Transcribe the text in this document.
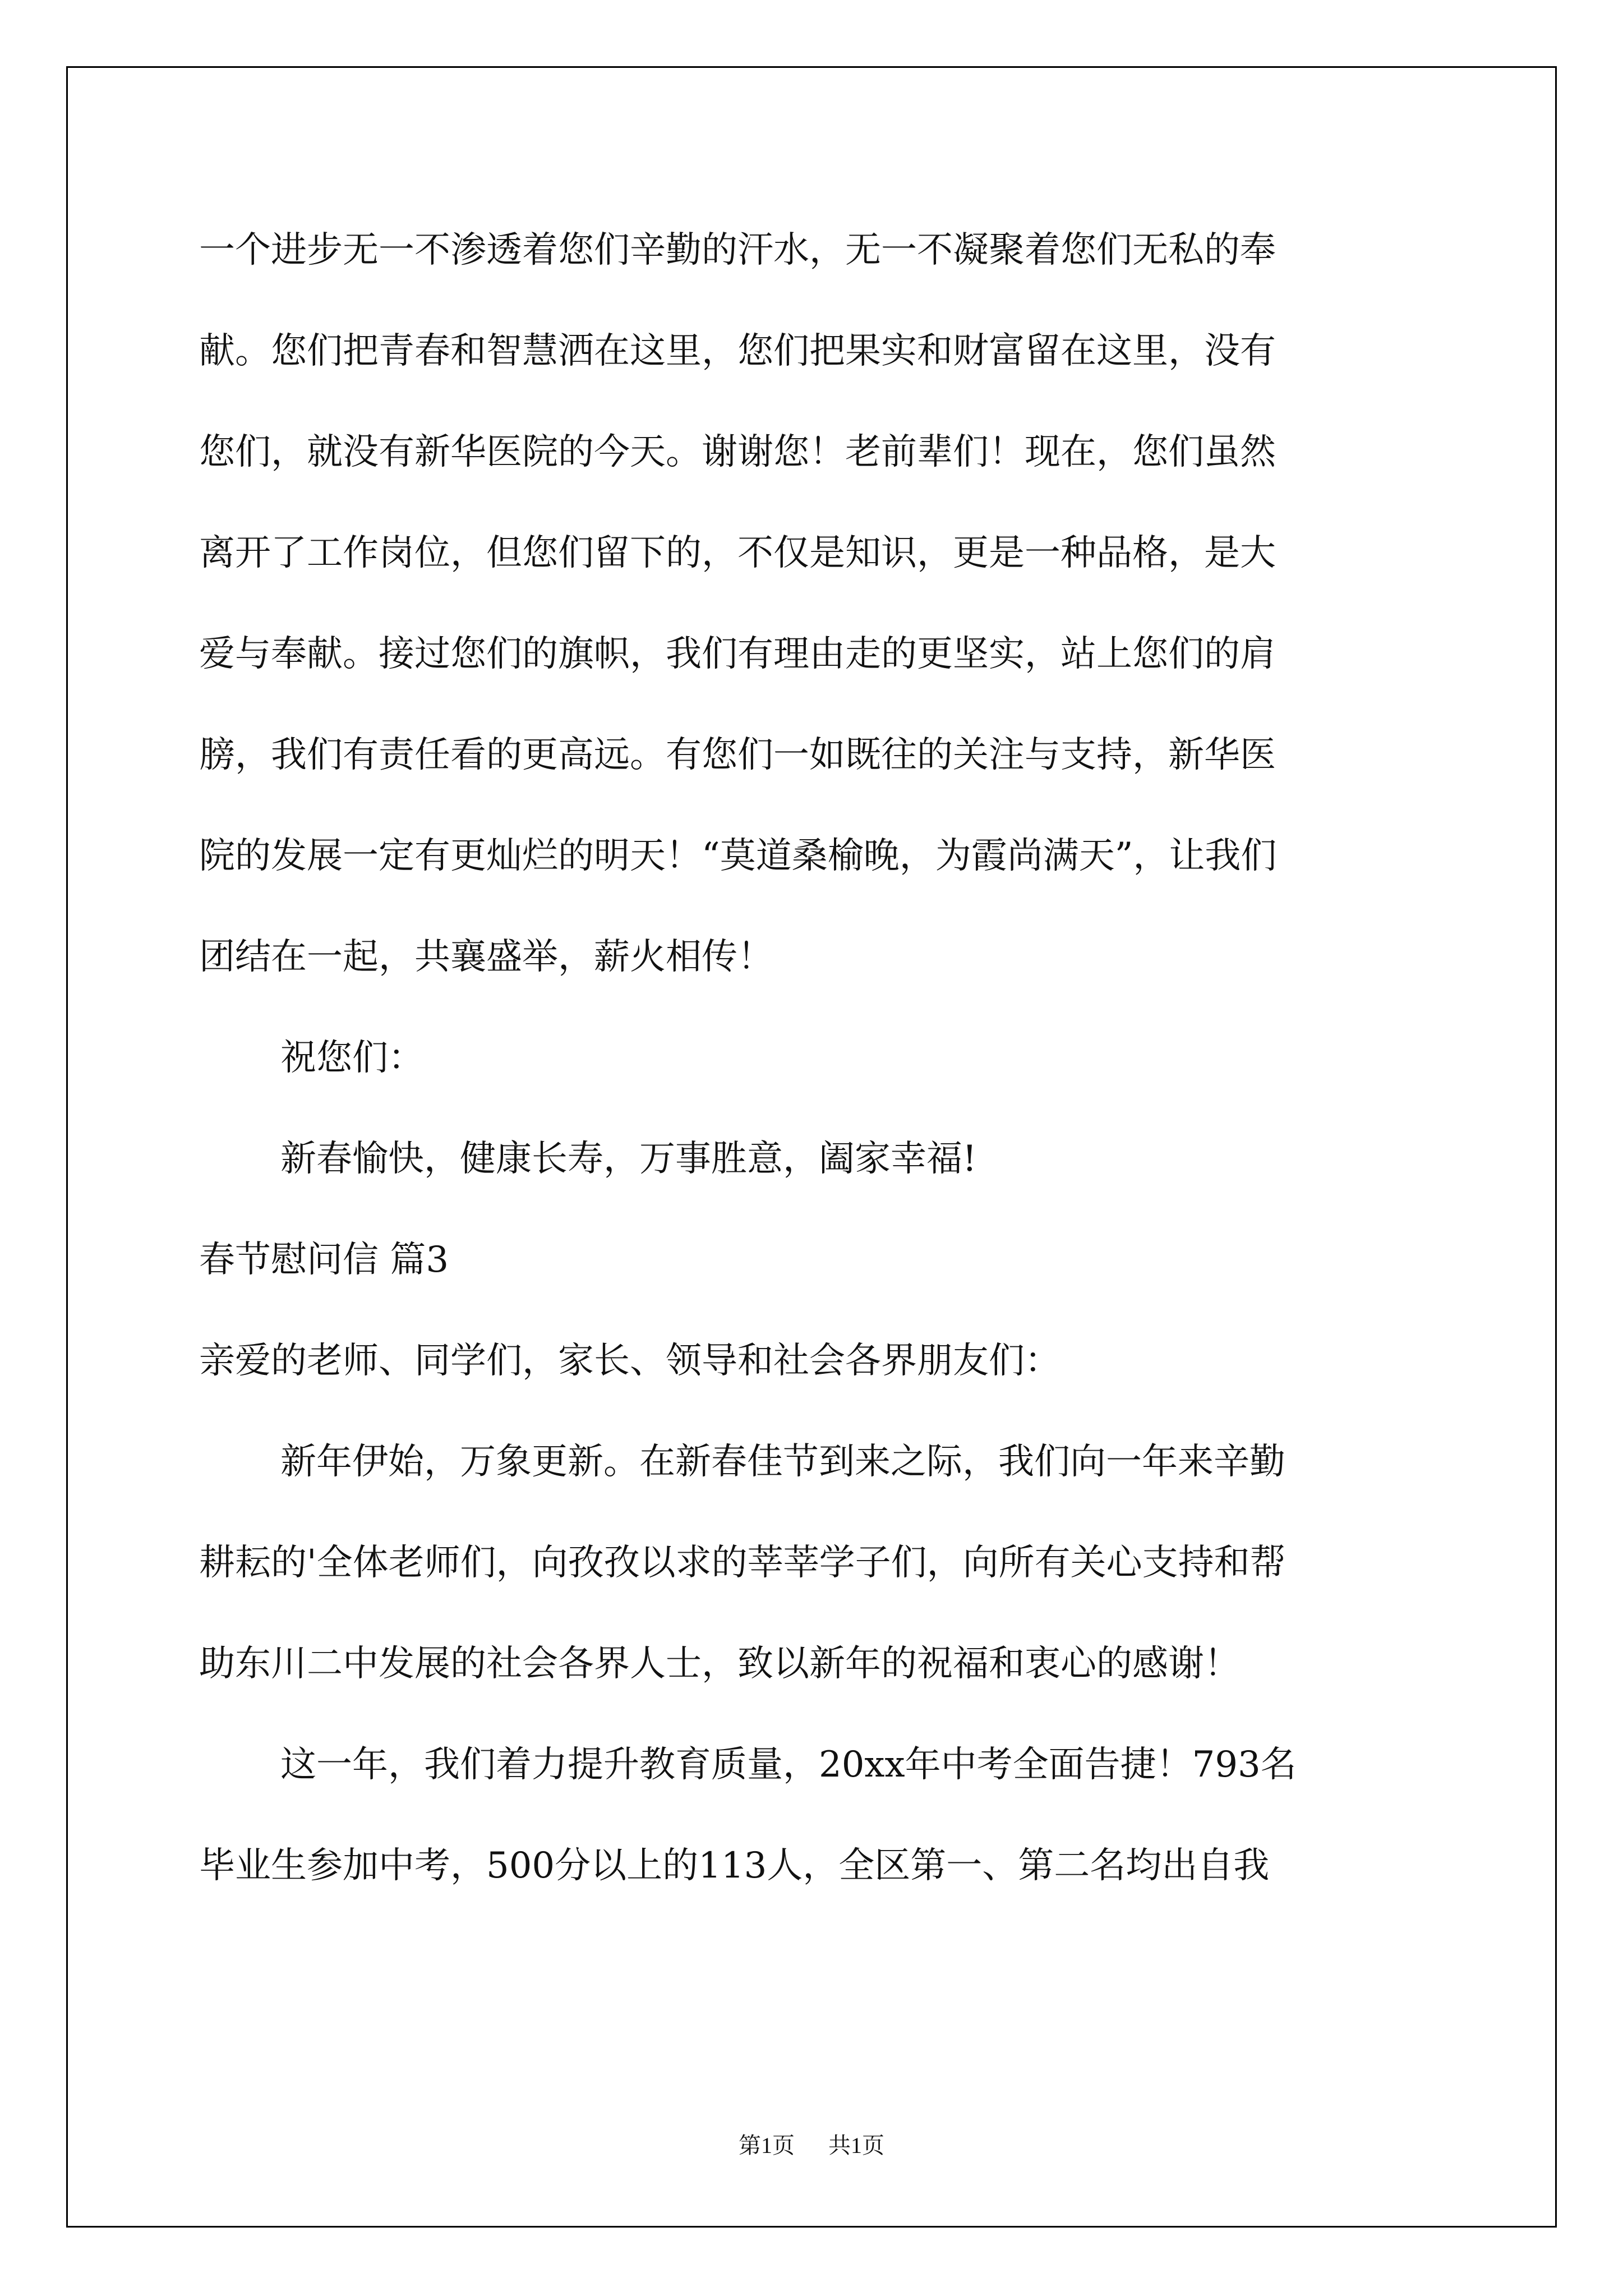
一个进步无一不渗透着您们辛勤的汗水，无一不凝聚着您们无私的奉
献。您们把青春和智慧洒在这里，您们把果实和财富留在这里，没有
您们，就没有新华医院的今天。谢谢您！老前辈们！现在，您们虽然
离开了工作岗位，但您们留下的，不仅是知识，更是一种品格，是大
爱与奉献。接过您们的旗帜，我们有理由走的更坚实，站上您们的肩
膀，我们有责任看的更高远。有您们一如既往的关注与支持，新华医
院的发展一定有更灿烂的明天！“莫道桑榆晚，为霞尚满天”，让我们
团结在一起，共襄盛举，薪火相传！
祝您们：
新春愉快，健康长寿，万事胜意，阖家幸福!
春节慰问信 篇3
亲爱的老师、同学们，家长、领导和社会各界朋友们：
新年伊始，万象更新。在新春佳节到来之际，我们向一年来辛勤
耕耘的'全体老师们，向孜孜以求的莘莘学子们，向所有关心支持和帮
助东川二中发展的社会各界人士，致以新年的祝福和衷心的感谢！
这一年，我们着力提升教育质量，20xx年中考全面告捷！793名
毕业生参加中考，500分以上的113人，全区第一、第二名均出自我
第1页 共1页
